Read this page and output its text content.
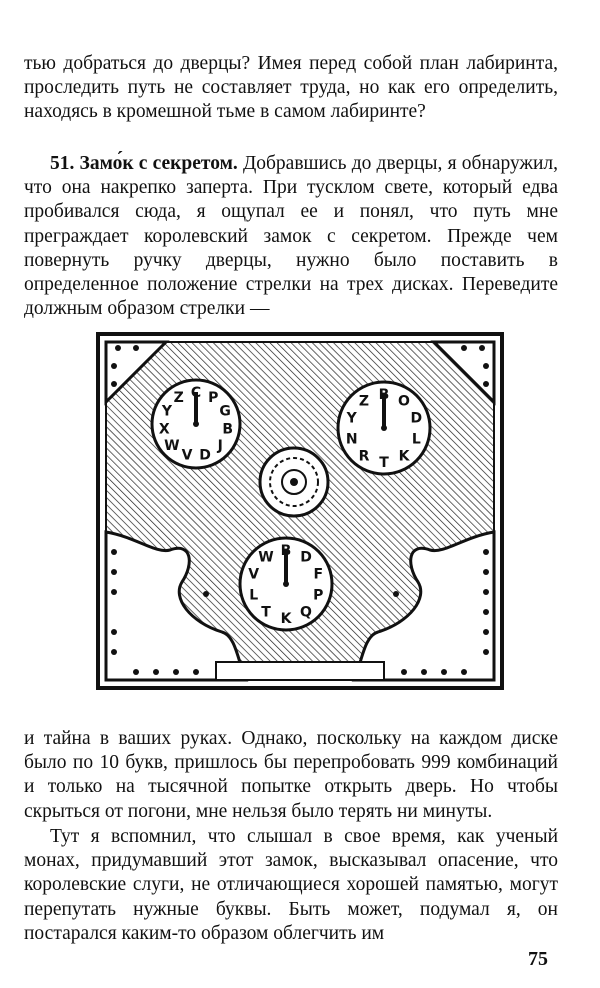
тью добраться до дверцы? Имея перед собой план лабиринта, проследить путь не составляет труда, но как его определить, находясь в кромешной тьме в самом лабиринте?

51. Замо́к с секретом. Добравшись до дверцы, я обнаружил, что она накрепко заперта. При тусклом свете, который едва пробивался сюда, я ощупал ее и понял, что путь мне преграждает королевский замок с секретом. Прежде чем повернуть ручку дверцы, нужно было поставить в определенное положение стрелки на трех дисках. Переведите должным образом стрелки —

C P
G
B
J
D
V
W
X
Y
Z	B O
D
L
K
T
R
N
Y
Z
B D
F
P
Q
K
T
L
V
W

и тайна в ваших руках. Однако, поскольку на каждом диске было по 10 букв, пришлось бы перепробовать 999 комбинаций и только на тысячной попытке открыть дверь. Но чтобы скрыться от погони, мне нельзя было терять ни минуты.

Тут я вспомнил, что слышал в свое время, как ученый монах, придумавший этот замок, высказывал опасение, что королевские слуги, не отличающиеся хорошей памятью, могут перепутать нужные буквы. Быть может, подумал я, он постарался каким-то образом облегчить им

75
